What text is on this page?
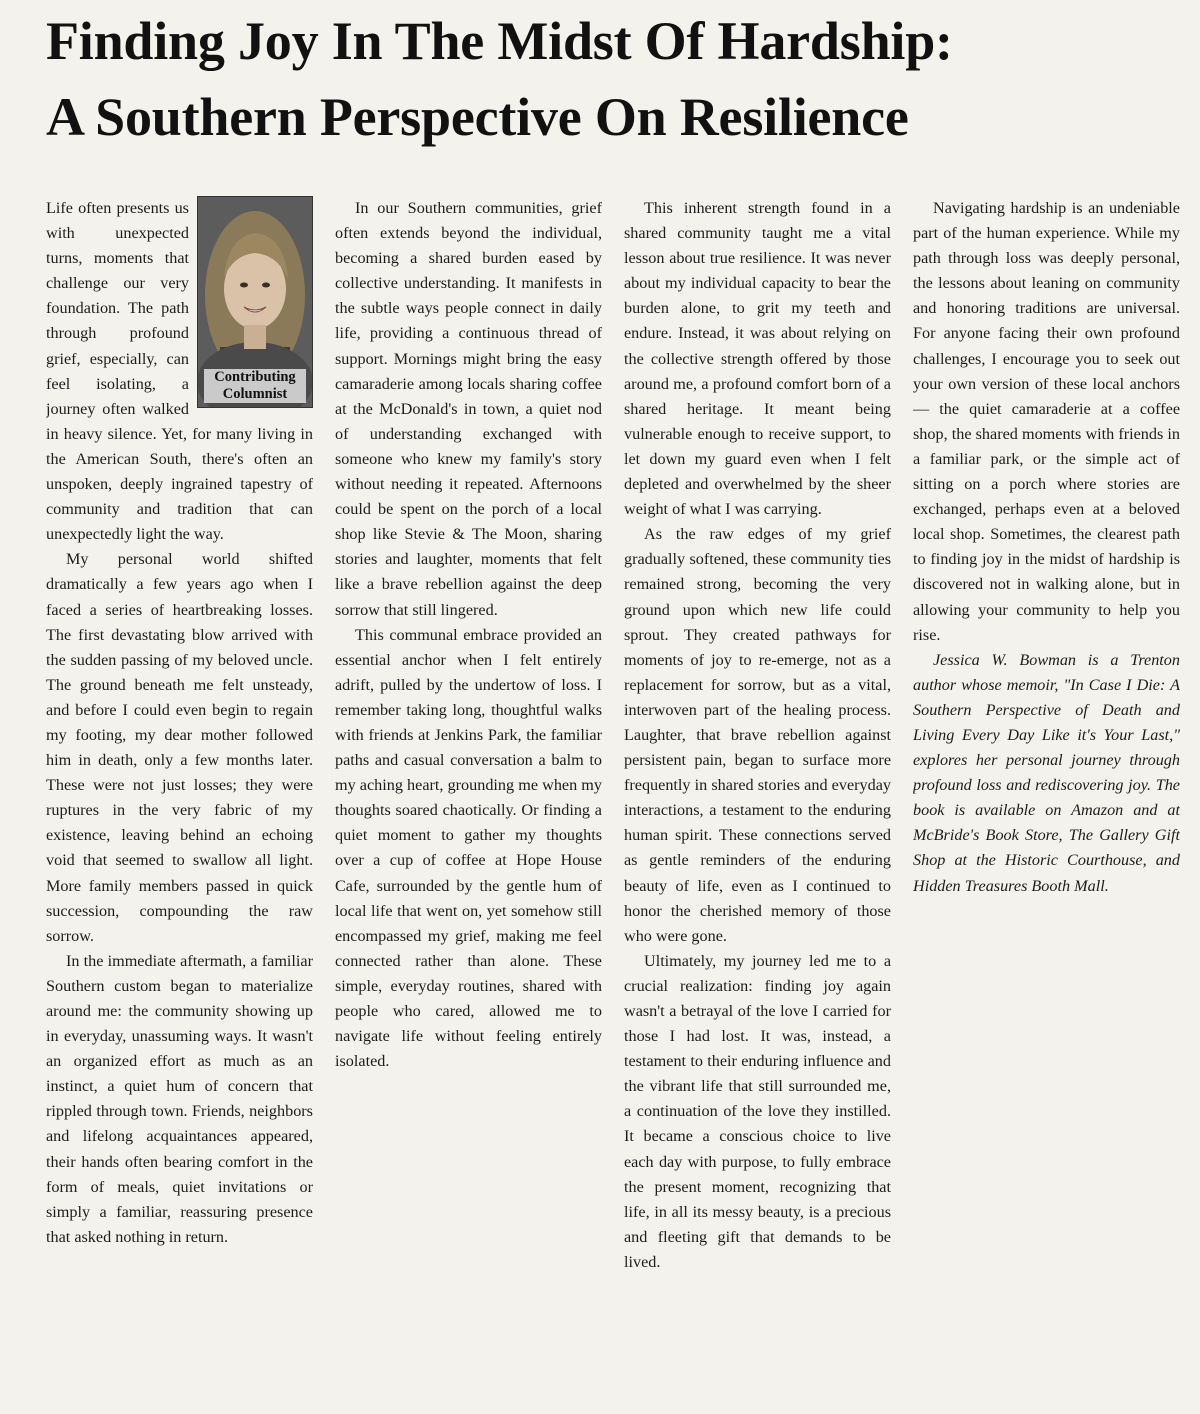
Finding Joy In The Midst Of Hardship:
A Southern Perspective On Resilience
Contributing
Columnist

Life often presents us with unexpected turns, moments that challenge our very foundation. The path through profound grief, especially, can feel isolating, a journey often walked in heavy silence. Yet, for many living in the American South, there's often an unspoken, deeply ingrained tapestry of community and tradition that can unexpectedly light the way.

My personal world shifted dramatically a few years ago when I faced a series of heartbreaking losses. The first devastating blow arrived with the sudden passing of my beloved uncle. The ground beneath me felt unsteady, and before I could even begin to regain my footing, my dear mother followed him in death, only a few months later. These were not just losses; they were ruptures in the very fabric of my existence, leaving behind an echoing void that seemed to swallow all light. More family members passed in quick succession, compounding the raw sorrow.

In the immediate aftermath, a familiar Southern custom began to materialize around me: the community showing up in everyday, unassuming ways. It wasn't an organized effort as much as an instinct, a quiet hum of concern that rippled through town. Friends, neighbors and lifelong acquaintances appeared, their hands often bearing comfort in the form of meals, quiet invitations or simply a familiar, reassuring presence that asked nothing in return.

In our Southern communities, grief often extends beyond the individual, becoming a shared burden eased by collective understanding. It manifests in the subtle ways people connect in daily life, providing a continuous thread of support. Mornings might bring the easy camaraderie among locals sharing coffee at the McDonald's in town, a quiet nod of understanding exchanged with someone who knew my family's story without needing it repeated. Afternoons could be spent on the porch of a local shop like Stevie & The Moon, sharing stories and laughter, moments that felt like a brave rebellion against the deep sorrow that still lingered.

This communal embrace provided an essential anchor when I felt entirely adrift, pulled by the undertow of loss. I remember taking long, thoughtful walks with friends at Jenkins Park, the familiar paths and casual conversation a balm to my aching heart, grounding me when my thoughts soared chaotically. Or finding a quiet moment to gather my thoughts over a cup of coffee at Hope House Cafe, surrounded by the gentle hum of local life that went on, yet somehow still encompassed my grief, making me feel connected rather than alone. These simple, everyday routines, shared with people who cared, allowed me to navigate life without feeling entirely isolated.

This inherent strength found in a shared community taught me a vital lesson about true resilience. It was never about my individual capacity to bear the burden alone, to grit my teeth and endure. Instead, it was about relying on the collective strength offered by those around me, a profound comfort born of a shared heritage. It meant being vulnerable enough to receive support, to let down my guard even when I felt depleted and overwhelmed by the sheer weight of what I was carrying.

As the raw edges of my grief gradually softened, these community ties remained strong, becoming the very ground upon which new life could sprout. They created pathways for moments of joy to re-emerge, not as a replacement for sorrow, but as a vital, interwoven part of the healing process. Laughter, that brave rebellion against persistent pain, began to surface more frequently in shared stories and everyday interactions, a testament to the enduring human spirit. These connections served as gentle reminders of the enduring beauty of life, even as I continued to honor the cherished memory of those who were gone.

Ultimately, my journey led me to a crucial realization: finding joy again wasn't a betrayal of the love I carried for those I had lost. It was, instead, a testament to their enduring influence and the vibrant life that still surrounded me, a continuation of the love they instilled. It became a conscious choice to live each day with purpose, to fully embrace the present moment, recognizing that life, in all its messy beauty, is a precious and fleeting gift that demands to be lived.

Navigating hardship is an undeniable part of the human experience. While my path through loss was deeply personal, the lessons about leaning on community and honoring traditions are universal. For anyone facing their own profound challenges, I encourage you to seek out your own version of these local anchors — the quiet camaraderie at a coffee shop, the shared moments with friends in a familiar park, or the simple act of sitting on a porch where stories are exchanged, perhaps even at a beloved local shop. Sometimes, the clearest path to finding joy in the midst of hardship is discovered not in walking alone, but in allowing your community to help you rise.

Jessica W. Bowman is a Trenton author whose memoir, "In Case I Die: A Southern Perspective of Death and Living Every Day Like it's Your Last," explores her personal journey through profound loss and rediscovering joy. The book is available on Amazon and at McBride's Book Store, The Gallery Gift Shop at the Historic Courthouse, and Hidden Treasures Booth Mall.
